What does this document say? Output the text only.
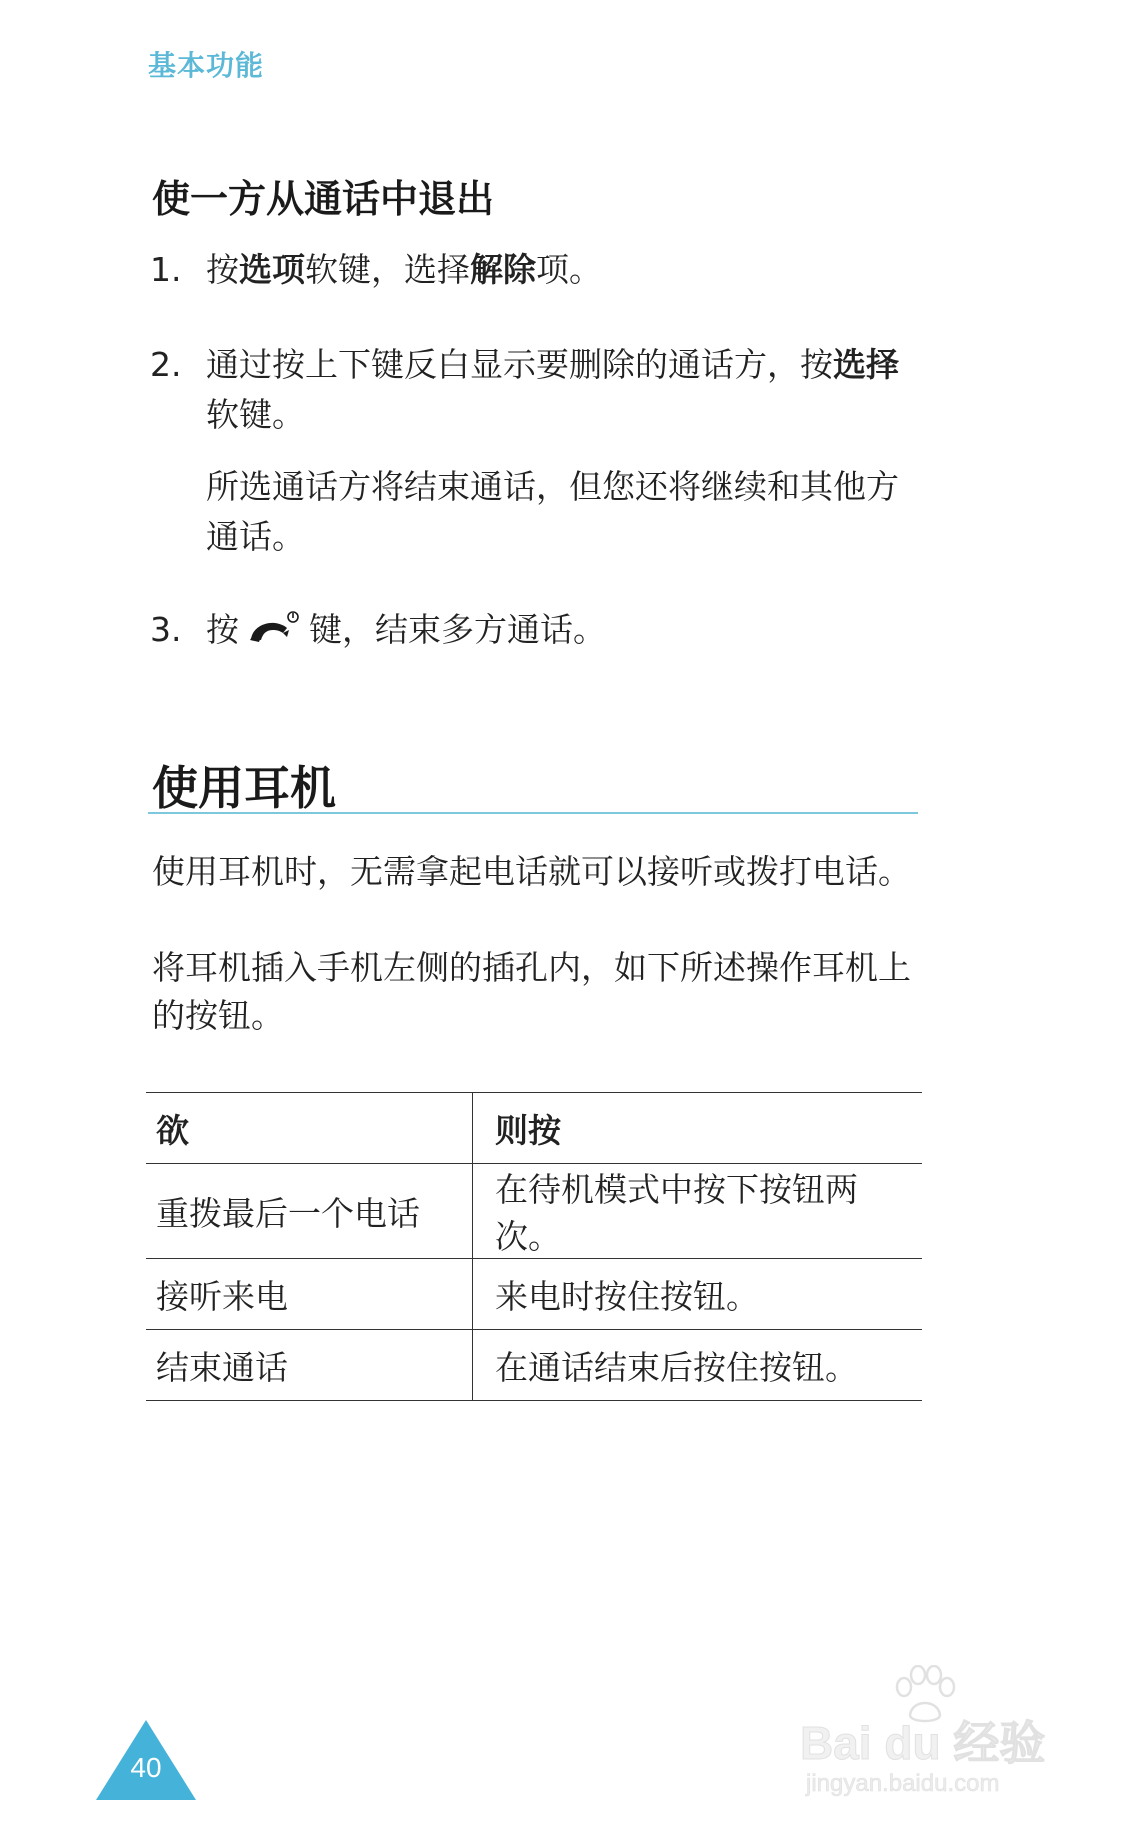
基本功能
使一方从通话中退出
1. 按选项软键，选择解除项。
2. 通过按上下键反白显示要删除的通话方，按选择软键。
所选通话方将结束通话，但您还将继续和其他方通话。
3. 按 键，结束多方通话。
使用耳机
使用耳机时，无需拿起电话就可以接听或拨打电话。
将耳机插入手机左侧的插孔内，如下所述操作耳机上的按钮。
欲	则按
重拨最后一个电话	在待机模式中按下按钮两次。
接听来电	来电时按住按钮。
结束通话	在通话结束后按住按钮。
40	Bai du 经验
jingyan.baidu.com
